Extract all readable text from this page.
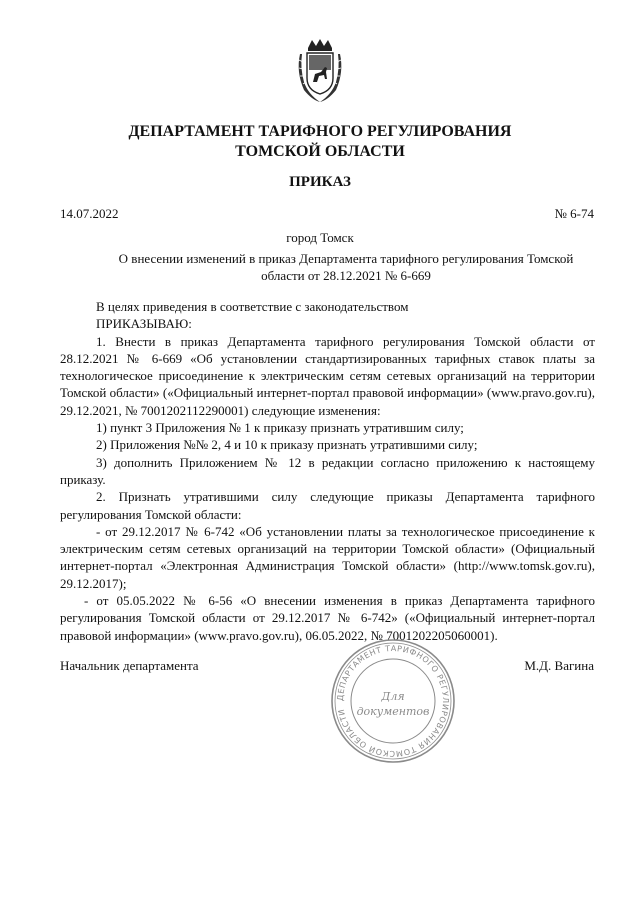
ДЕПАРТАМЕНТ ТАРИФНОГО РЕГУЛИРОВАНИЯ
ТОМСКОЙ ОБЛАСТИ
ПРИКАЗ
14.07.2022	№ 6-74
город Томск
О внесении изменений в приказ Департамента тарифного регулирования Томской области от 28.12.2021 № 6-669

В целях приведения в соответствие с законодательством

ПРИКАЗЫВАЮ:

1. Внести в приказ Департамента тарифного регулирования Томской области от 28.12.2021 № 6-669 «Об установлении стандартизированных тарифных ставок платы за технологическое присоединение к электрическим сетям сетевых организаций на территории Томской области» («Официальный интернет-портал правовой информации» (www.pravo.gov.ru), 29.12.2021, № 7001202112290001) следующие изменения:

1) пункт 3 Приложения № 1 к приказу признать утратившим силу;

2) Приложения №№ 2, 4 и 10 к приказу признать утратившими силу;

3) дополнить Приложением № 12 в редакции согласно приложению к настоящему приказу.

2. Признать утратившими силу следующие приказы Департамента тарифного регулирования Томской области:

- от 29.12.2017 № 6-742 «Об установлении платы за технологическое присоединение к электрическим сетям сетевых организаций на территории Томской области» (Официальный интернет-портал «Электронная Администрация Томской области» (http://www.tomsk.gov.ru), 29.12.2017);

- от 05.05.2022 № 6-56 «О внесении изменения в приказ Департамента тарифного регулирования Томской области от 29.12.2017 № 6-742» («Официальный интернет-портал правовой информации» (www.pravo.gov.ru), 06.05.2022, № 7001202205060001).

Начальник департамента	М.Д. Вагина
ДЕПАРТАМЕНТ ТАРИФНОГО РЕГУЛИРОВАНИЯ ТОМСКОЙ ОБЛАСТИ
Для
документов
